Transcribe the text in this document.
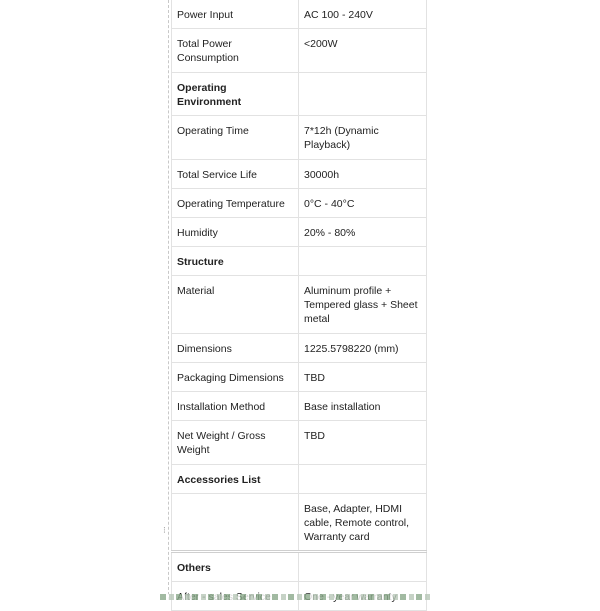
⁝
Power Input	AC 100 - 240V
Total Power Consumption	<200W
Operating Environment	
Operating Time	7*12h (Dynamic Playback)
Total Service Life	30000h
Operating Temperature	0°C - 40°C
Humidity	20% - 80%
Structure	
Material	Aluminum profile + Tempered glass + Sheet metal
Dimensions	1225.5798220 (mm)
Packaging Dimensions	TBD
Installation Method	Base installation
Net Weight / Gross Weight	TBD
Accessories List	
	Base, Adapter, HDMI cable, Remote control, Warranty card
Others	
